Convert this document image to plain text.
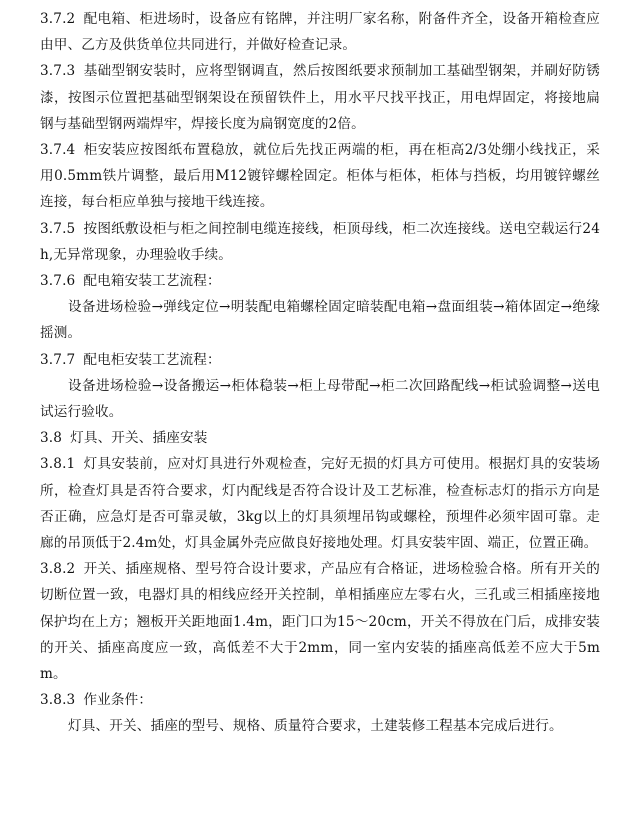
3.7.2 配电箱、柜进场时，设备应有铭牌，并注明厂家名称，附备件齐全，设备开箱检查应由甲、乙方及供货单位共同进行，并做好检查记录。

3.7.3 基础型钢安装时，应将型钢调直，然后按图纸要求预制加工基础型钢架，并刷好防锈漆，按图示位置把基础型钢架设在预留铁件上，用水平尺找平找正，用电焊固定，将接地扁钢与基础型钢两端焊牢，焊接长度为扁钢宽度的2倍。

3.7.4 柜安装应按图纸布置稳放，就位后先找正两端的柜，再在柜高2/3处绷小线找正，采用0.5mm铁片调整，最后用M12镀锌螺栓固定。柜体与柜体，柜体与挡板，均用镀锌螺丝连接，每台柜应单独与接地干线连接。

3.7.5 按图纸敷设柜与柜之间控制电缆连接线，柜顶母线，柜二次连接线。送电空载运行24h,无异常现象，办理验收手续。

3.7.6 配电箱安装工艺流程：

设备进场检验→弹线定位→明装配电箱螺栓固定暗装配电箱→盘面组装→箱体固定→绝缘摇测。

3.7.7 配电柜安装工艺流程：

设备进场检验→设备搬运→柜体稳装→柜上母带配→柜二次回路配线→柜试验调整→送电试运行验收。

3.8 灯具、开关、插座安装

3.8.1 灯具安装前，应对灯具进行外观检查，完好无损的灯具方可使用。根据灯具的安装场所，检查灯具是否符合要求，灯内配线是否符合设计及工艺标准，检查标志灯的指示方向是否正确，应急灯是否可靠灵敏，3kg以上的灯具须埋吊钩或螺栓，预埋件必须牢固可靠。走廊的吊顶低于2.4m处，灯具金属外壳应做良好接地处理。灯具安装牢固、端正，位置正确。

3.8.2 开关、插座规格、型号符合设计要求，产品应有合格证，进场检验合格。所有开关的切断位置一致，电器灯具的相线应经开关控制，单相插座应左零右火，三孔或三相插座接地保护均在上方；翘板开关距地面1.4m，距门口为15～20cm，开关不得放在门后，成排安装的开关、插座高度应一致，高低差不大于2mm，同一室内安装的插座高低差不应大于5mm。

3.8.3 作业条件：

灯具、开关、插座的型号、规格、质量符合要求，土建装修工程基本完成后进行。
